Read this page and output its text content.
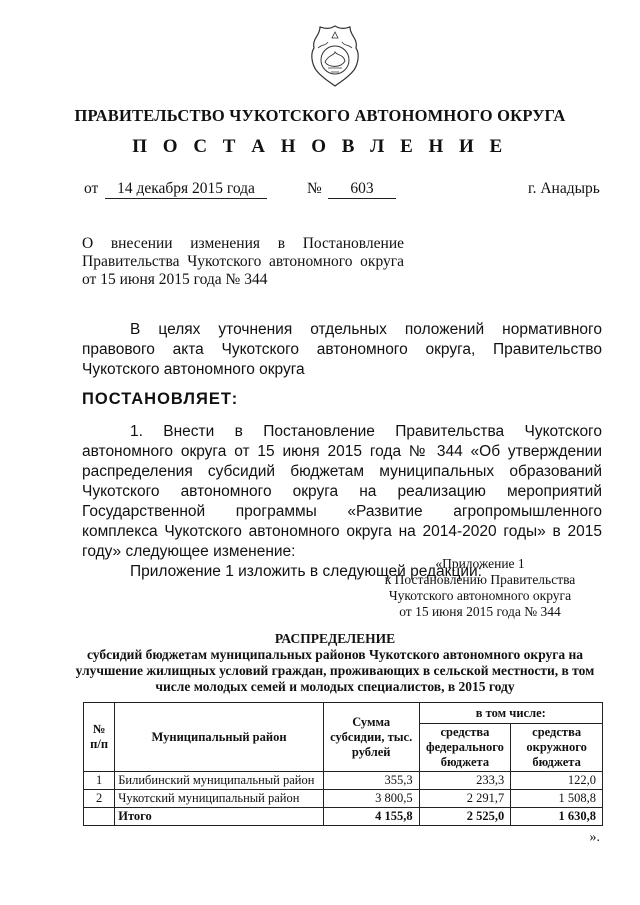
ПРАВИТЕЛЬСТВО ЧУКОТСКОГО АВТОНОМНОГО ОКРУГА
П О С Т А Н О В Л Е Н И Е
от	14 декабря 2015 года	№	603	г. Анадырь
О внесении изменения в Постановление
Правительства Чукотского автономного округа
от 15 июня 2015 года № 344

В целях уточнения отдельных положений нормативного правового акта Чукотского автономного округа, Правительство Чукотского автономного округа

ПОСТАНОВЛЯЕТ:

1. Внести в Постановление Правительства Чукотского автономного округа от 15 июня 2015 года № 344 «Об утверждении распределения субсидий бюджетам муниципальных образований Чукотского автономного округа на реализацию мероприятий Государственной программы «Развитие агропромышленного комплекса Чукотского автономного округа на 2014-2020 годы» в 2015 году» следующее изменение:

Приложение 1 изложить в следующей редакции:

«Приложение 1
к Постановлению Правительства
Чукотского автономного округа
от 15 июня 2015 года № 344
РАСПРЕДЕЛЕНИЕ
субсидий бюджетам муниципальных районов Чукотского автономного округа на улучшение жилищных условий граждан, проживающих в сельской местности, в том числе молодых семей и молодых специалистов, в 2015 году
№ п/п	Муниципальный район	Сумма субсидии, тыс. рублей	в том числе:	
			средства федерального бюджета	средства окружного бюджета
1	Билибинский муниципальный район	355,3	233,3	122,0
2	Чукотский муниципальный район	3 800,5	2 291,7	1 508,8
	Итого	4 155,8	2 525,0	1 630,8
».
